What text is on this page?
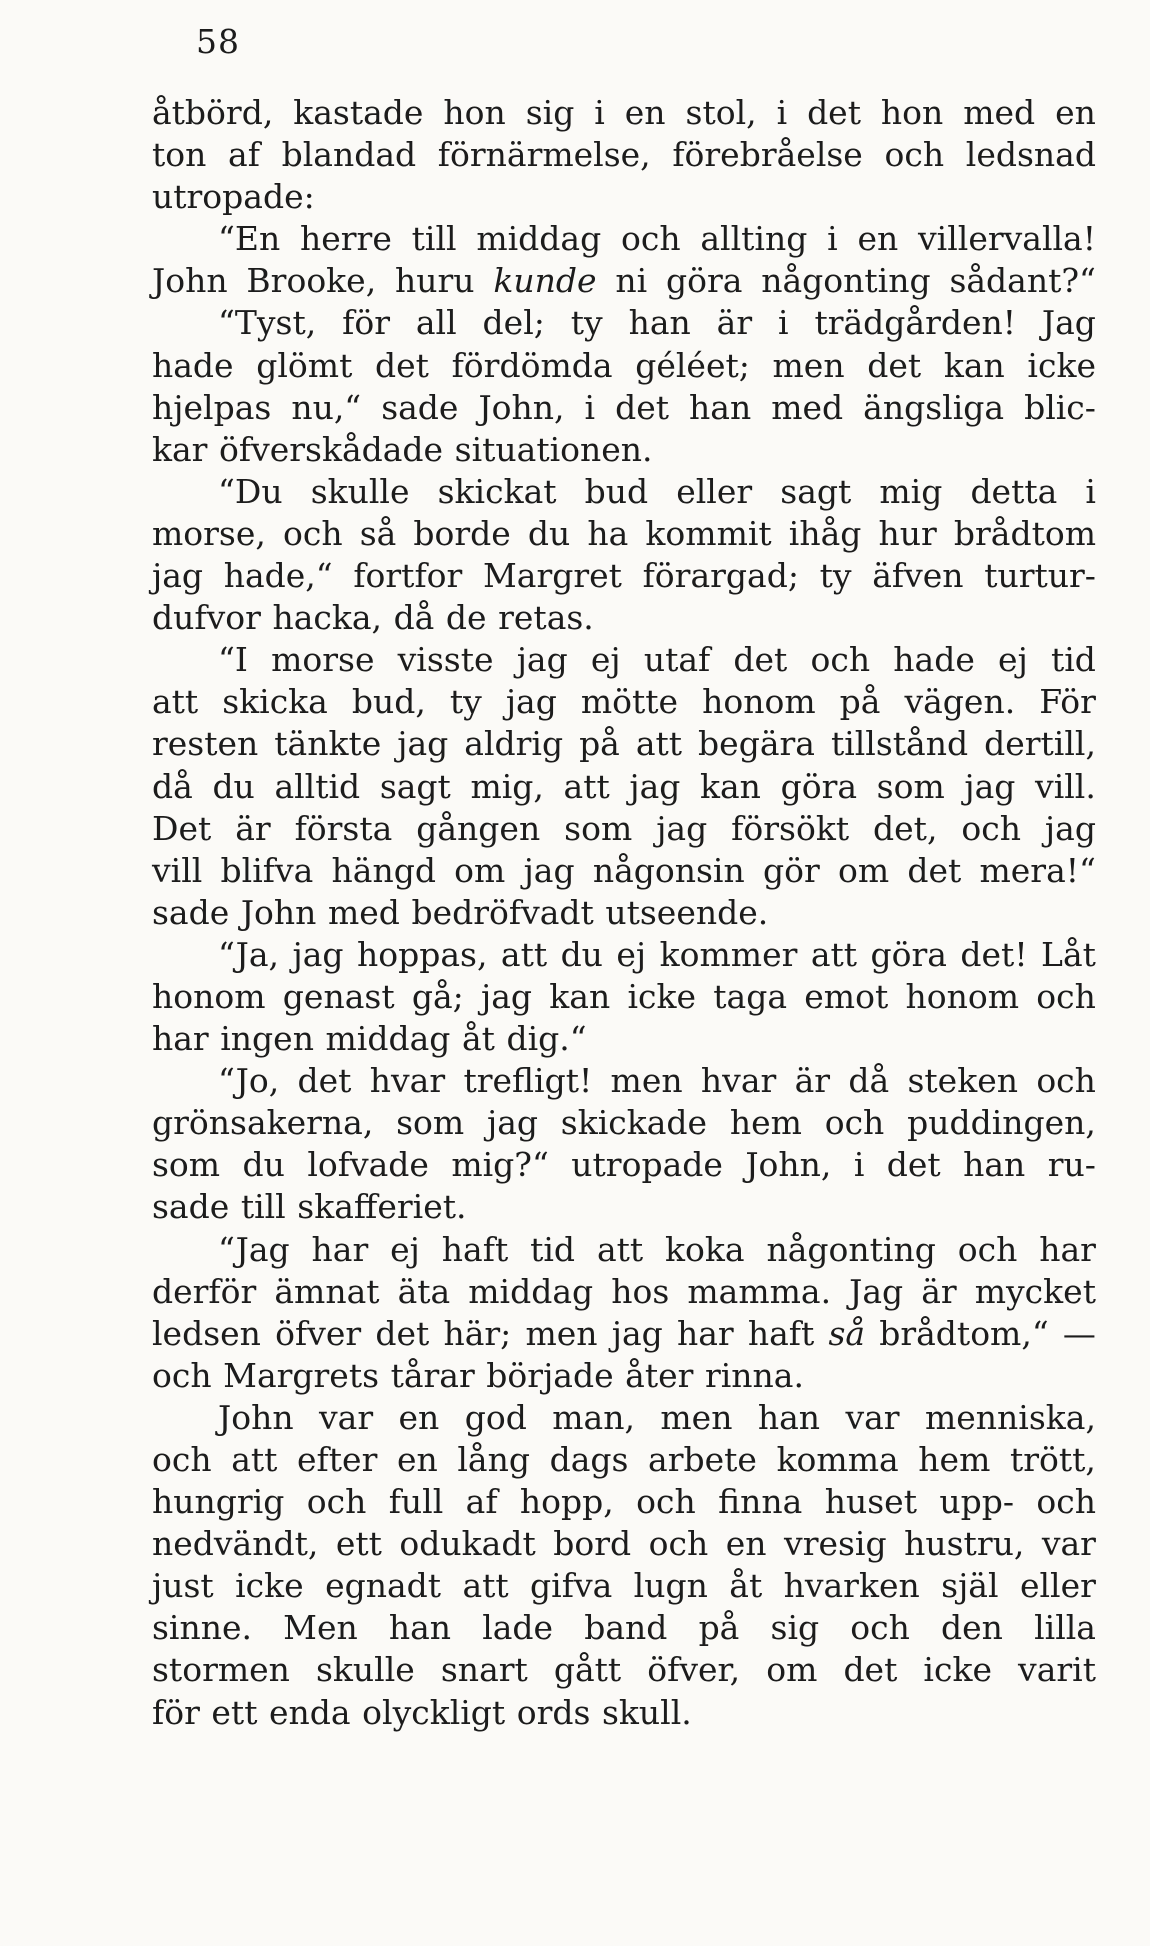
58
åtbörd, kastade hon sig i en stol, i det hon med en
ton af blandad förnärmelse, förebråelse och ledsnad
utropade:
“En herre till middag och allting i en villervalla!
John Brooke, huru kunde ni göra någonting sådant?“
“Tyst, för all del; ty han är i trädgården! Jag
hade glömt det fördömda géléet; men det kan icke
hjelpas nu,“ sade John, i det han med ängsliga blic-
kar öfverskådade situationen.
“Du skulle skickat bud eller sagt mig detta i
morse, och så borde du ha kommit ihåg hur brådtom
jag hade,“ fortfor Margret förargad; ty äfven turtur-
dufvor hacka, då de retas.
“I morse visste jag ej utaf det och hade ej tid
att skicka bud, ty jag mötte honom på vägen. För
resten tänkte jag aldrig på att begära tillstånd dertill,
då du alltid sagt mig, att jag kan göra som jag vill.
Det är första gången som jag försökt det, och jag
vill blifva hängd om jag någonsin gör om det mera!“
sade John med bedröfvadt utseende.
“Ja, jag hoppas, att du ej kommer att göra det! Låt
honom genast gå; jag kan icke taga emot honom och
har ingen middag åt dig.“
“Jo, det hvar trefligt! men hvar är då steken och
grönsakerna, som jag skickade hem och puddingen,
som du lofvade mig?“ utropade John, i det han ru-
sade till skafferiet.
“Jag har ej haft tid att koka någonting och har
derför ämnat äta middag hos mamma. Jag är mycket
ledsen öfver det här; men jag har haft så brådtom,“ —
och Margrets tårar började åter rinna.
John var en god man, men han var menniska,
och att efter en lång dags arbete komma hem trött,
hungrig och full af hopp, och finna huset upp- och
nedvändt, ett odukadt bord och en vresig hustru, var
just icke egnadt att gifva lugn åt hvarken själ eller
sinne. Men han lade band på sig och den lilla
stormen skulle snart gått öfver, om det icke varit
för ett enda olyckligt ords skull.
